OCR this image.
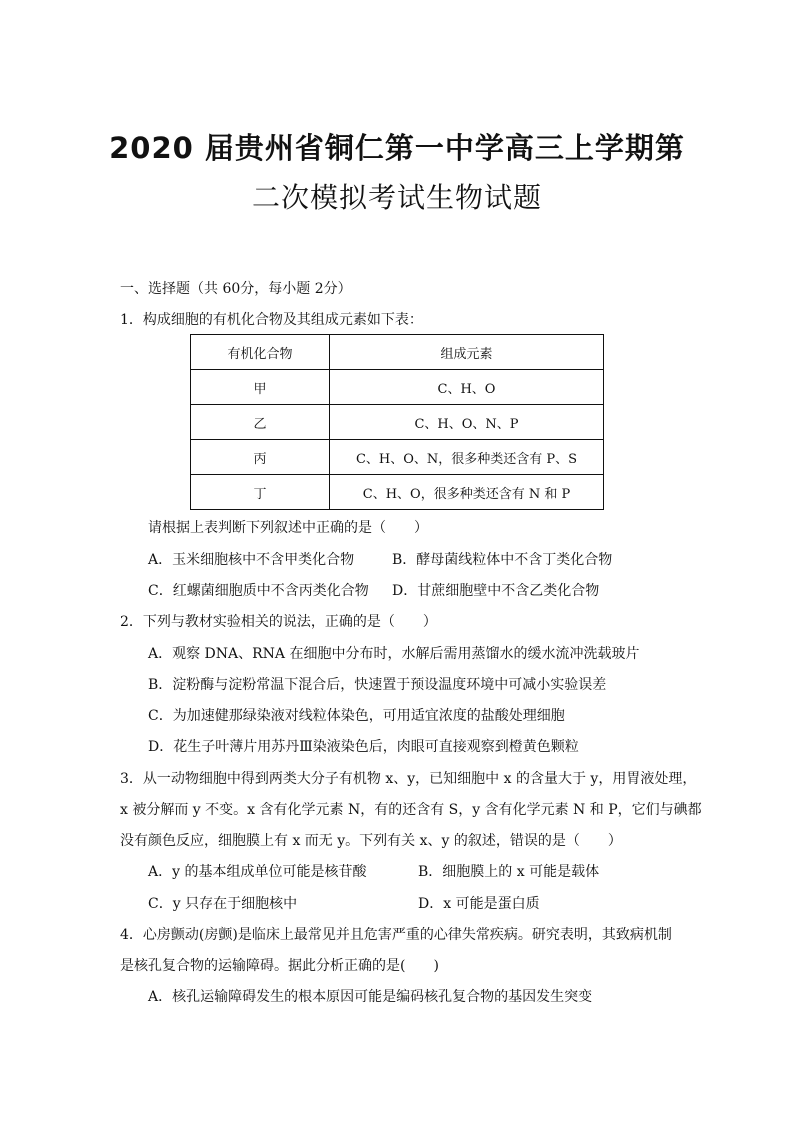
2020 届贵州省铜仁第一中学高三上学期第
二次模拟考试生物试题
一、选择题（共 60分，每小题 2分）
1．构成细胞的有机化合物及其组成元素如下表：
有机化合物	组成元素
甲	C、H、O
乙	C、H、O、N、P
丙	C、H、O、N，很多种类还含有 P、S
丁	C、H、O，很多种类还含有 N 和 P
请根据上表判断下列叙述中正确的是（　　）
A．玉米细胞核中不含甲类化合物	B．酵母菌线粒体中不含丁类化合物
C．红螺菌细胞质中不含丙类化合物 D．甘蔗细胞壁中不含乙类化合物
2．下列与教材实验相关的说法，正确的是（　　）
A．观察 DNA、RNA 在细胞中分布时，水解后需用蒸馏水的缓水流冲洗载玻片
B．淀粉酶与淀粉常温下混合后，快速置于预设温度环境中可减小实验误差
C．为加速健那绿染液对线粒体染色，可用适宜浓度的盐酸处理细胞
D．花生子叶薄片用苏丹Ⅲ染液染色后，肉眼可直接观察到橙黄色颗粒
3．从一动物细胞中得到两类大分子有机物 x、y，已知细胞中 x 的含量大于 y，用胃液处理，
x 被分解而 y 不变。x 含有化学元素 N，有的还含有 S，y 含有化学元素 N 和 P，它们与碘都
没有颜色反应，细胞膜上有 x 而无 y。下列有关 x、y 的叙述，错误的是（　　）
A．y 的基本组成单位可能是核苷酸	B．细胞膜上的 x 可能是载体
C．y 只存在于细胞核中	D．x 可能是蛋白质
4．心房颤动(房颤)是临床上最常见并且危害严重的心律失常疾病。研究表明，其致病机制
是核孔复合物的运输障碍。据此分析正确的是(　　)
A．核孔运输障碍发生的根本原因可能是编码核孔复合物的基因发生突变
